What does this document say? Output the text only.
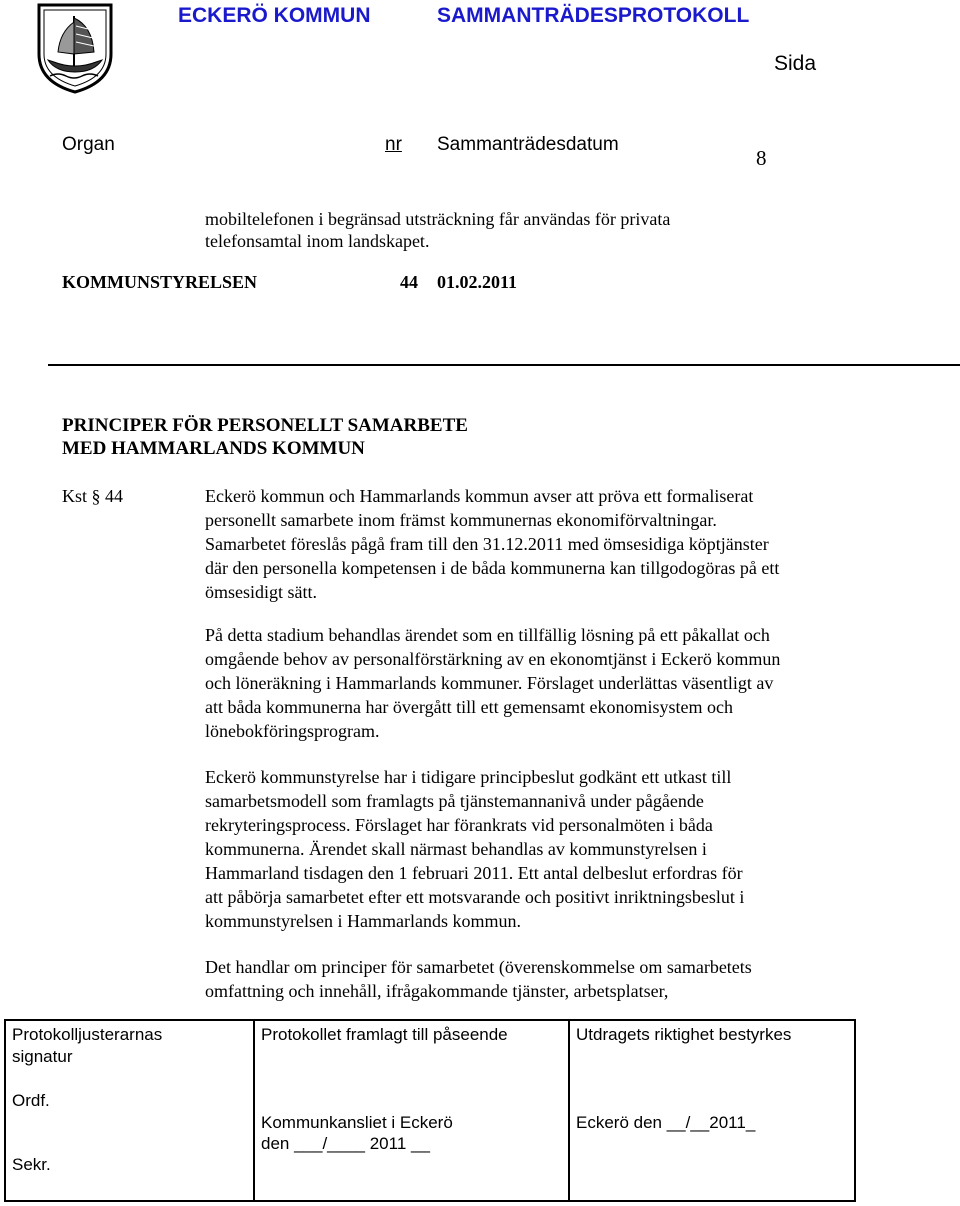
ECKERÖ KOMMUN	SAMMANTRÄDESPROTOKOLL
Sida
Organ	nr Sammanträdesdatum
8
mobiltelefonen i begränsad utsträckning får användas för privata
telefonsamtal inom landskapet.
KOMMUNSTYRELSEN	44 01.02.2011
PRINCIPER FÖR PERSONELLT SAMARBETE
MED HAMMARLANDS KOMMUN
Kst § 44	Eckerö kommun och Hammarlands kommun avser att pröva ett formaliserat
personellt samarbete inom främst kommunernas ekonomiförvaltningar.
Samarbetet föreslås pågå fram till den 31.12.2011 med ömsesidiga köptjänster
där den personella kompetensen i de båda kommunerna kan tillgodogöras på ett
ömsesidigt sätt.
På detta stadium behandlas ärendet som en tillfällig lösning på ett påkallat och
omgående behov av personalförstärkning av en ekonomtjänst i Eckerö kommun
och löneräkning i Hammarlands kommuner. Förslaget underlättas väsentligt av
att båda kommunerna har övergått till ett gemensamt ekonomisystem och
lönebokföringsprogram.
Eckerö kommunstyrelse har i tidigare principbeslut godkänt ett utkast till
samarbetsmodell som framlagts på tjänstemannanivå under pågående
rekryteringsprocess. Förslaget har förankrats vid personalmöten i båda
kommunerna. Ärendet skall närmast behandlas av kommunstyrelsen i
Hammarland tisdagen den 1 februari 2011. Ett antal delbeslut erfordras för
att påbörja samarbetet efter ett motsvarande och positivt inriktningsbeslut i
kommunstyrelsen i Hammarlands kommun.
Det handlar om principer för samarbetet (överenskommelse om samarbetets
omfattning och innehåll, ifrågakommande tjänster, arbetsplatser,
Protokolljusterarnas
signatur
Ordf.
Sekr.

Protokollet framlagt till påseende
Kommunkansliet i Eckerö
den ___/____ 2011 __

Utdragets riktighet bestyrkes
Eckerö den __/__2011_
